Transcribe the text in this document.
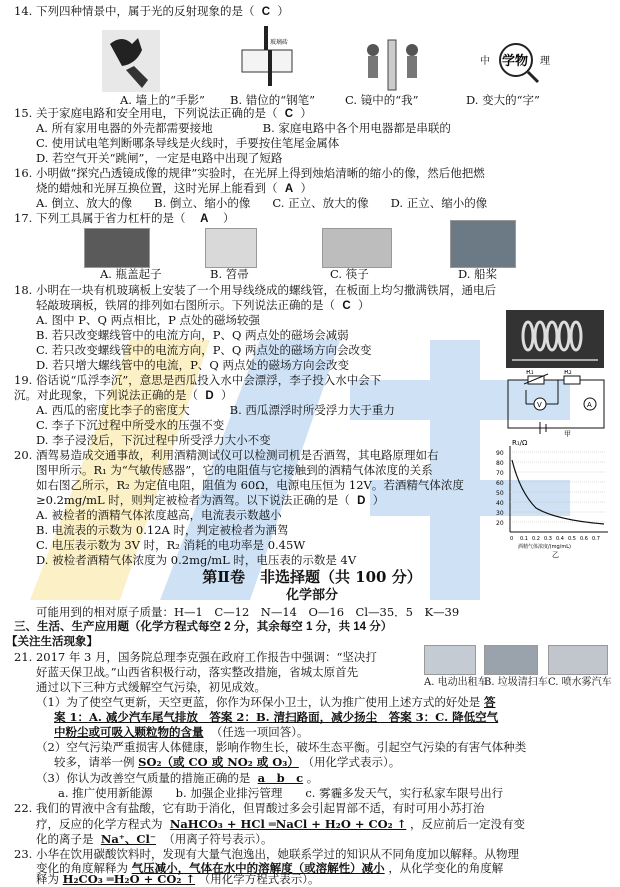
14. 下列四种情景中，属于光的反射现象的是（ C ）
玻璃砖
中 学物 理
A. 墙上的“手影” B. 错位的“钢笔”	C. 镜中的“我”	D. 变大的“字”
15. 关于家庭电路和安全用电，下列说法正确的是（ C ）
A. 所有家用电器的外壳都需要接地	B. 家庭电路中各个用电器都是串联的
C. 使用试电笔判断哪条导线是火线时，手要按住笔尾金属体
D. 若空气开关“跳闸”，一定是电路中出现了短路
16. 小明做“探究凸透镜成像的规律”实验时，在光屏上得到烛焰清晰的缩小的像，然后他把燃
烧的蜡烛和光屏互换位置，这时光屏上能看到（ A ）
A. 倒立、放大的像 B. 倒立、缩小的像 C. 正立、放大的像 D. 正立、缩小的像
17. 下列工具属于省力杠杆的是（ A ）
A. 瓶盖起子	B. 笤帚	C. 筷子	D. 船桨
18. 小明在一块有机玻璃板上安装了一个用导线绕成的螺线管，在板面上均匀撒满铁屑，通电后
轻敲玻璃板，铁屑的排列如右图所示。下列说法正确的是（ C ）
A. 图中 P、Q 两点相比，P 点处的磁场较强
B. 若只改变螺线管中的电流方向，P、Q 两点处的磁场会减弱
C. 若只改变螺线管中的电流方向，P、Q 两点处的磁场方向会改变
D. 若只增大螺线管中的电流，P、Q 两点处的磁场方向会改变
19. 俗话说“瓜浮李沉”，意思是西瓜投入水中会漂浮，李子投入水中会下
沉。对此现象，下列说法正确的是（ D ）
A. 西瓜的密度比李子的密度大	B. 西瓜漂浮时所受浮力大于重力
C. 李子下沉过程中所受水的压强不变
D. 李子浸没后，下沉过程中所受浮力大小不变
R₁	R₂
V	A
甲
20. 酒驾易造成交通事故，利用酒精测试仪可以检测司机是否酒驾，其电路原理如右
图甲所示。R₁ 为“气敏传感器”，它的电阻值与它接触到的酒精气体浓度的关系
如右图乙所示，R₂ 为定值电阻，阻值为 60Ω，电源电压恒为 12V。若酒精气体浓度
≥0.2mg/mL 时，则判定被检者为酒驾。以下说法正确的是（ D ）
A. 被检者的酒精气体浓度越高，电流表示数越小
B. 电流表的示数为 0.12A 时，判定被检者为酒驾
C. 电压表示数为 3V 时，R₂ 消耗的电功率是 0.45W
D. 被检者酒精气体浓度为 0.2mg/mL 时，电压表的示数是 4V
R₁/Ω
90
80
70
60
50
40
30
20
0 0.1 0.2 0.3 0.4 0.5 0.6 0.7
酒精气体浓度/(mg/mL)
乙
第Ⅱ卷　非选择题（共 100 分）
化学部分
可能用到的相对原子质量：H—1　C—12　N—14　O—16　Cl—35．5　K—39
三、生活、生产应用题（化学方程式每空 2 分，其余每空 1 分，共 14 分）
【关注生活现象】
21. 2017 年 3 月，国务院总理李克强在政府工作报告中强调：“坚决打
好蓝天保卫战。”山西省积极行动，落实整改措施，省城太原首先
通过以下三种方式缓解空气污染，初见成效。	A. 电动出租车
B. 垃圾清扫车 C. 喷水雾汽车
（1）为了使空气更新，天空更蓝，你作为环保小卫士，认为推广使用上述方式的好处是 答
案 1：A. 减少汽车尾气排放　答案 2：B. 清扫路面，减少扬尘　答案 3：C. 降低空气
中粉尘或可吸入颗粒物的含量 （任选一项回答）。
（2）空气污染严重损害人体健康，影响作物生长，破坏生态平衡。引起空气污染的有害气体种类
较多，请举一例 SO₂（或 CO 或 NO₂ 或 O₃） （用化学式表示）。
（3）你认为改善空气质量的措施正确的是 a　b　c 。
a. 推广使用新能源　　b. 加强企业排污管理　　c. 雾霾多发天气，实行私家车限号出行
22. 我们的胃液中含有盐酸，它有助于消化，但胃酸过多会引起胃部不适，有时可用小苏打治
疗，反应的化学方程式为 NaHCO₃ + HCl ═NaCl + H₂O + CO₂ ↑ ，反应前后一定没有变
化的离子是 Na⁺、Cl⁻ （用离子符号表示）。
23. 小华在饮用碳酸饮料时，发现有大量气泡逸出，她联系学过的知识从不同角度加以解释。从物理
变化的角度解释为 气压减小，气体在水中的溶解度（或溶解性）减小 ，从化学变化的角度解
释为 H₂CO₃ ═H₂O + CO₂ ↑ （用化学方程式表示）。
